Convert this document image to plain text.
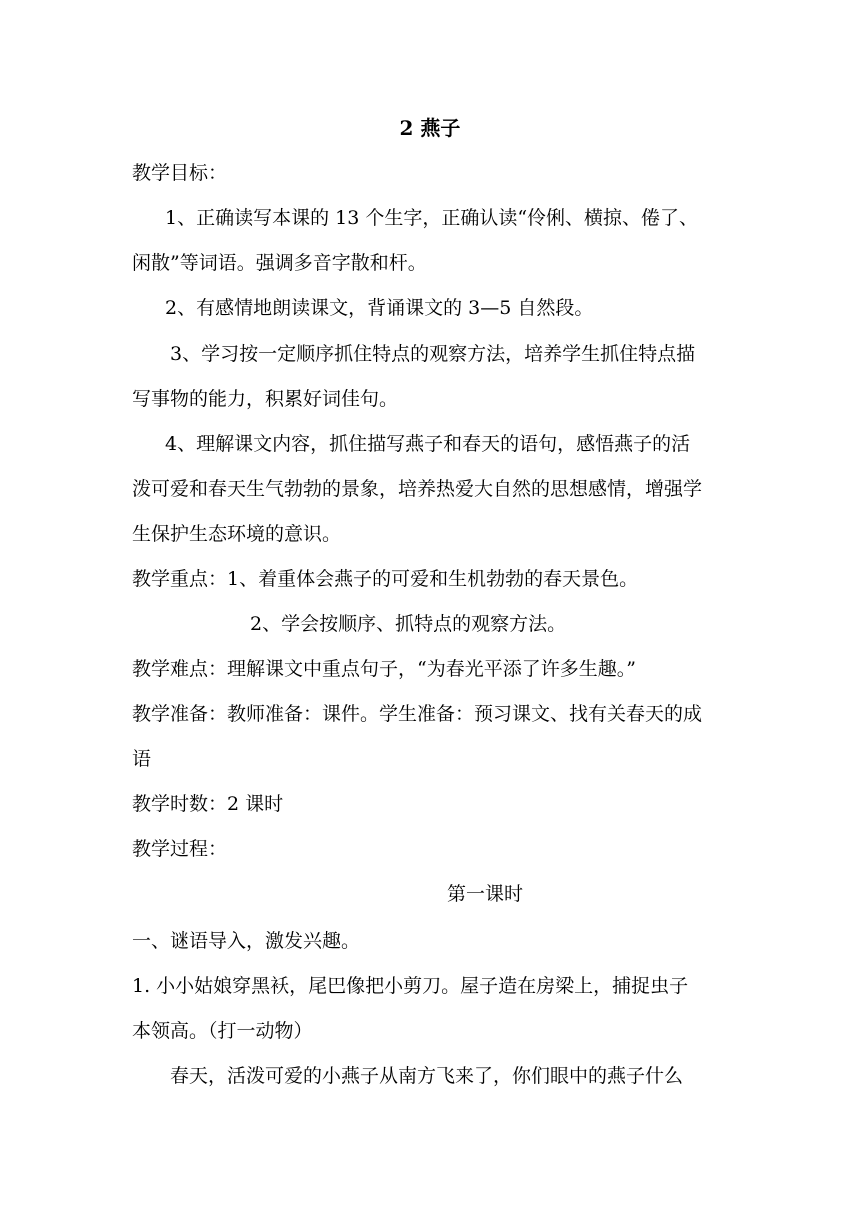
2 燕子
教学目标：
1、正确读写本课的 13 个生字，正确认读“伶俐、横掠、倦了、
闲散”等词语。强调多音字散和杆。
2、有感情地朗读课文，背诵课文的 3—5 自然段。
3、学习按一定顺序抓住特点的观察方法，培养学生抓住特点描
写事物的能力，积累好词佳句。
4、理解课文内容，抓住描写燕子和春天的语句，感悟燕子的活
泼可爱和春天生气勃勃的景象，培养热爱大自然的思想感情，增强学
生保护生态环境的意识。
教学重点：1、着重体会燕子的可爱和生机勃勃的春天景色。
2、学会按顺序、抓特点的观察方法。
教学难点：理解课文中重点句子，“为春光平添了许多生趣。”
教学准备：教师准备：课件。学生准备：预习课文、找有关春天的成
语
教学时数：2 课时
教学过程：
第一课时
一、谜语导入，激发兴趣。
1. 小小姑娘穿黑袄，尾巴像把小剪刀。屋子造在房梁上，捕捉虫子
本领高。（打一动物）
春天，活泼可爱的小燕子从南方飞来了，你们眼中的燕子什么
